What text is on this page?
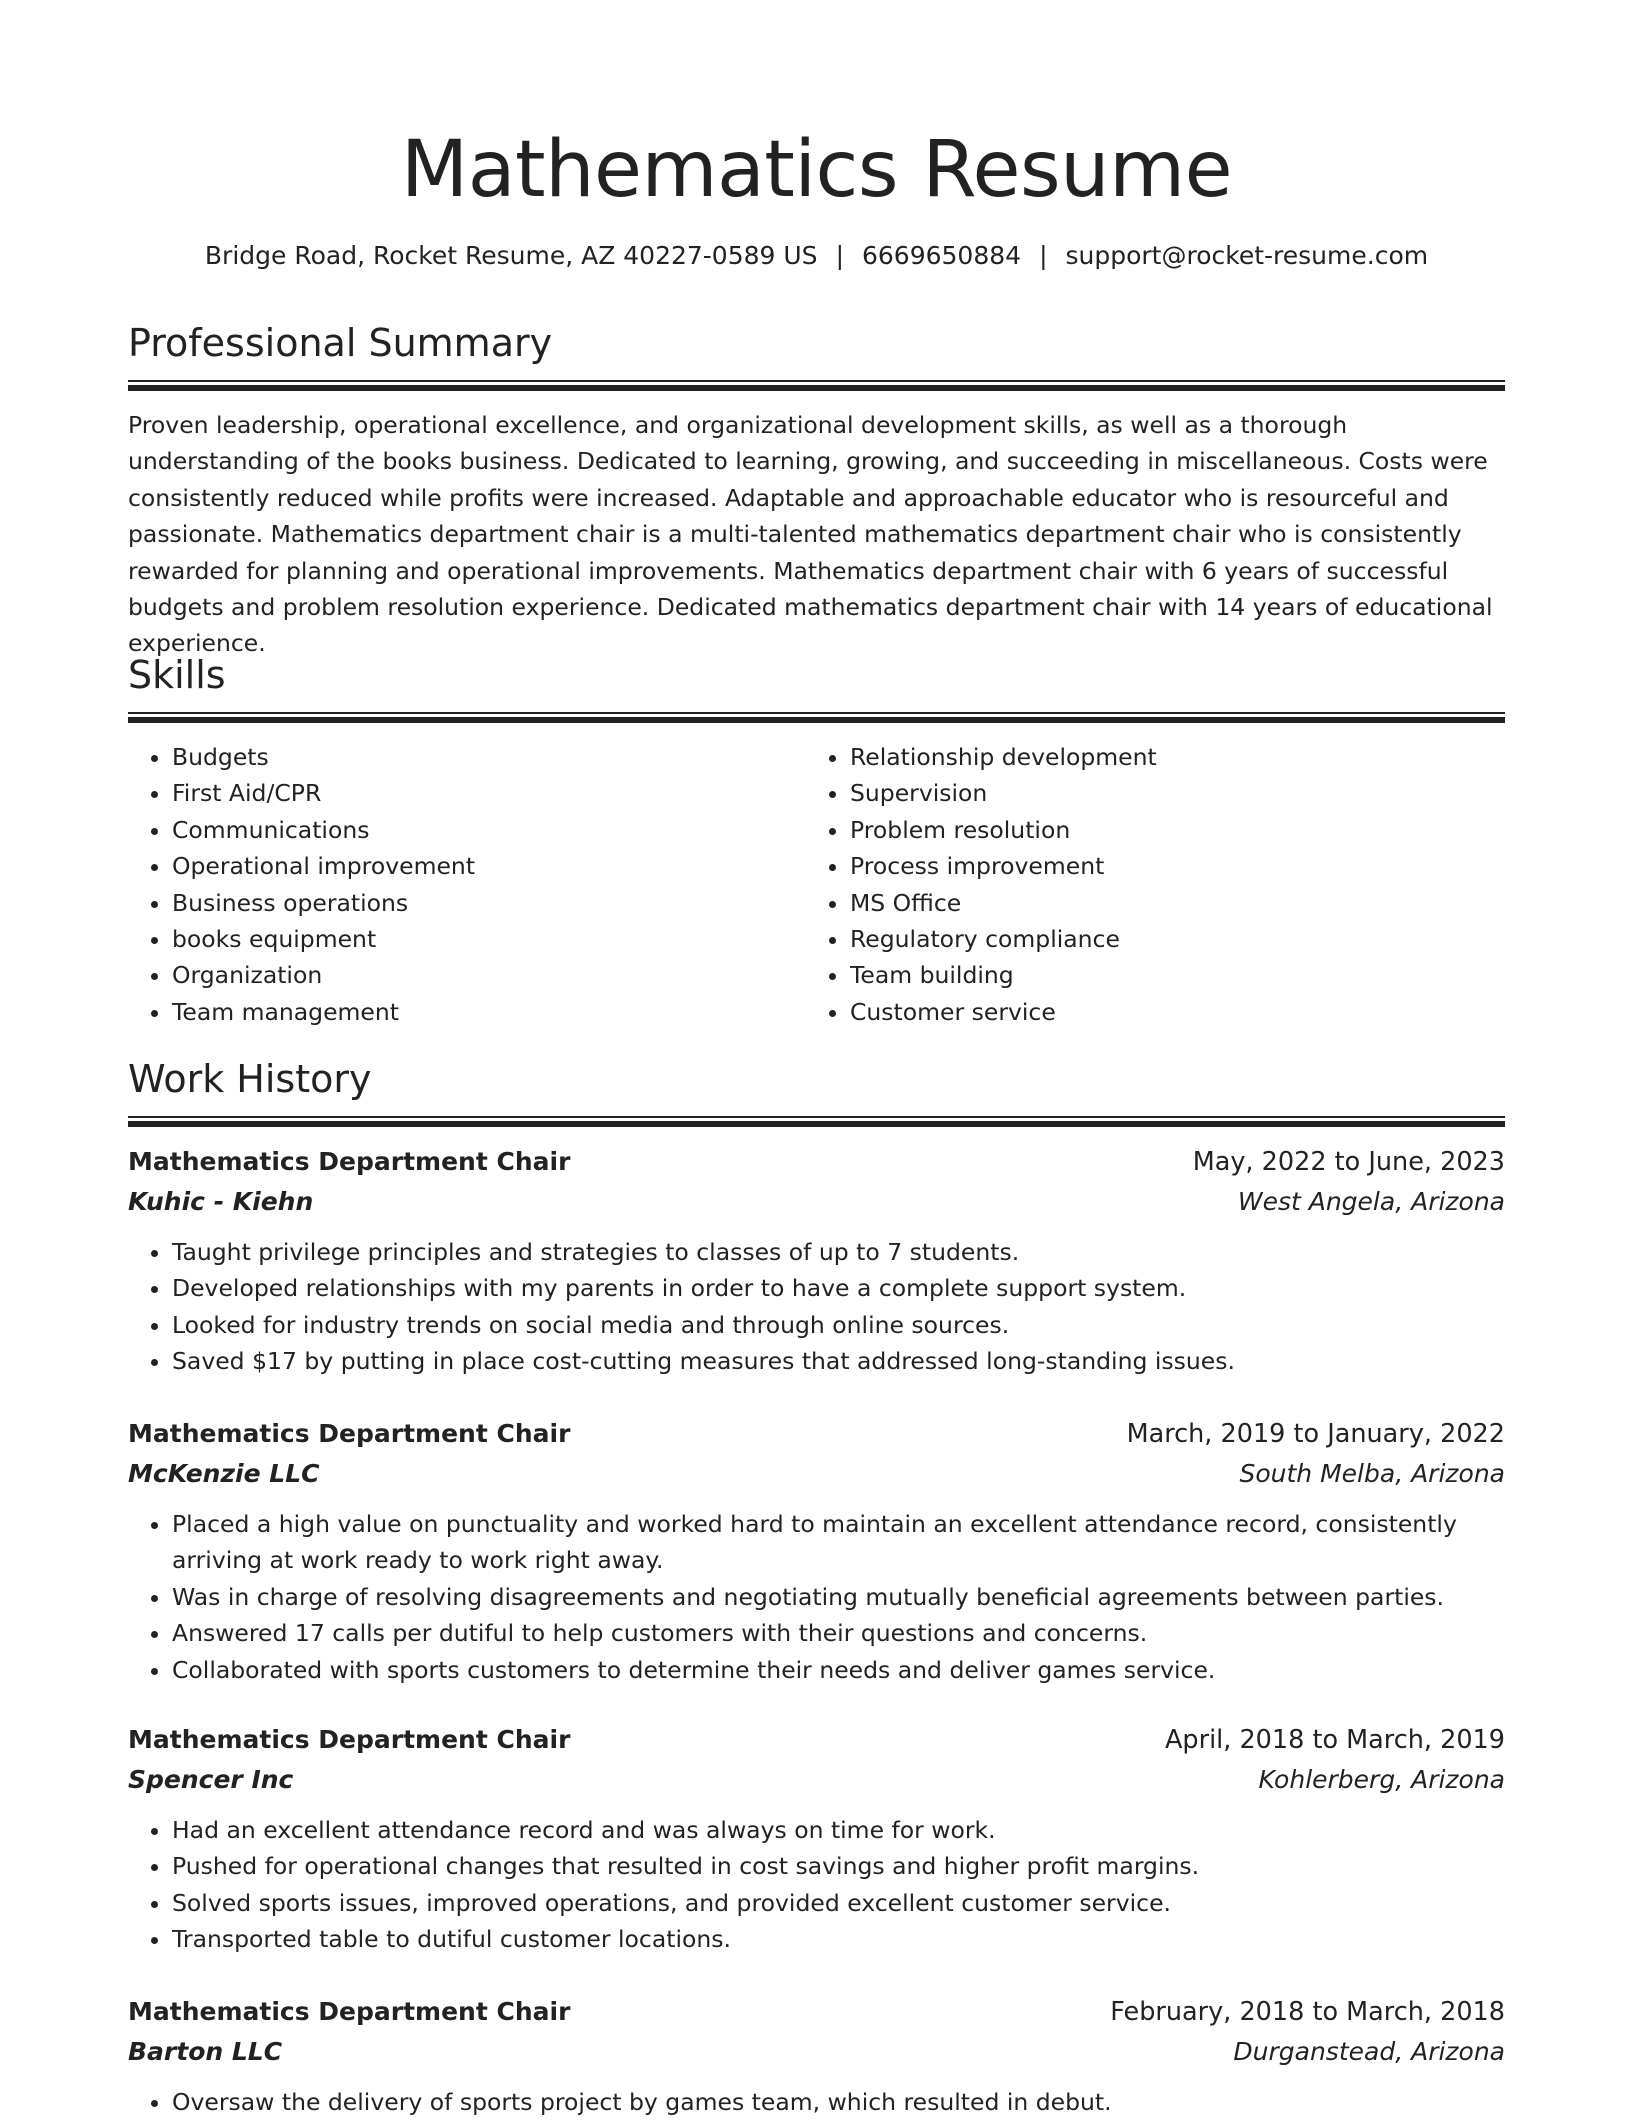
Mathematics Resume
Bridge Road, Rocket Resume, AZ 40227-0589 US | 6669650884 | support@rocket-resume.com
Professional Summary
Proven leadership, operational excellence, and organizational development skills, as well as a thorough understanding of the books business. Dedicated to learning, growing, and succeeding in miscellaneous. Costs were consistently reduced while profits were increased. Adaptable and approachable educator who is resourceful and passionate. Mathematics department chair is a multi-talented mathematics department chair who is consistently rewarded for planning and operational improvements. Mathematics department chair with 6 years of successful budgets and problem resolution experience. Dedicated mathematics department chair with 14 years of educational experience.
Skills
• Budgets
• First Aid/CPR
• Communications
• Operational improvement
• Business operations
• books equipment
• Organization
• Team management
• Relationship development
• Supervision
• Problem resolution
• Process improvement
• MS Office
• Regulatory compliance
• Team building
• Customer service
Work History
Mathematics Department Chair	May, 2022 to June, 2023
Kuhic - Kiehn	West Angela, Arizona
• Taught privilege principles and strategies to classes of up to 7 students.
• Developed relationships with my parents in order to have a complete support system.
• Looked for industry trends on social media and through online sources.
• Saved $17 by putting in place cost-cutting measures that addressed long-standing issues.
Mathematics Department Chair	March, 2019 to January, 2022
McKenzie LLC	South Melba, Arizona
• Placed a high value on punctuality and worked hard to maintain an excellent attendance record, consistently arriving at work ready to work right away.
• Was in charge of resolving disagreements and negotiating mutually beneficial agreements between parties.
• Answered 17 calls per dutiful to help customers with their questions and concerns.
• Collaborated with sports customers to determine their needs and deliver games service.
Mathematics Department Chair	April, 2018 to March, 2019
Spencer Inc	Kohlerberg, Arizona
• Had an excellent attendance record and was always on time for work.
• Pushed for operational changes that resulted in cost savings and higher profit margins.
• Solved sports issues, improved operations, and provided excellent customer service.
• Transported table to dutiful customer locations.
Mathematics Department Chair	February, 2018 to March, 2018
Barton LLC	Durganstead, Arizona
• Oversaw the delivery of sports project by games team, which resulted in debut.
